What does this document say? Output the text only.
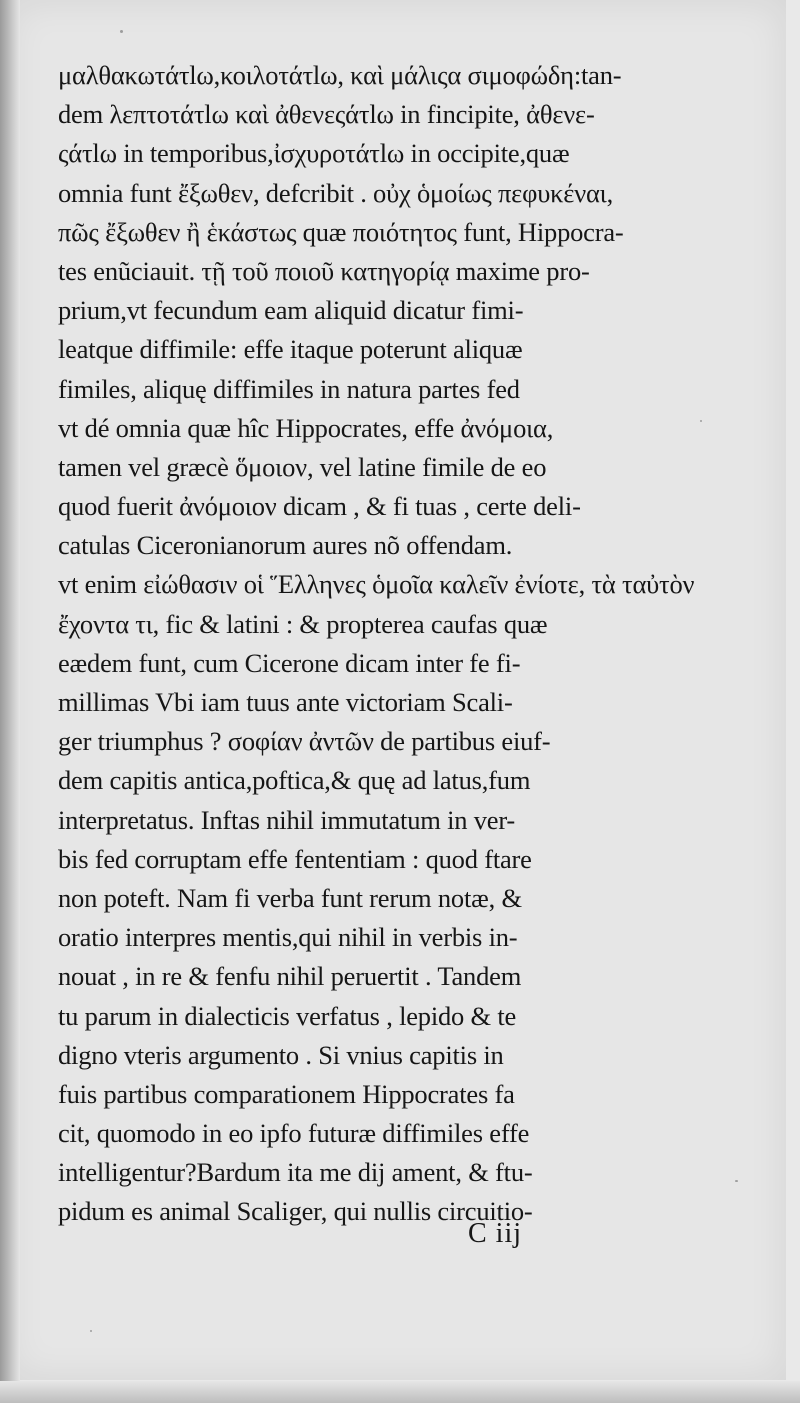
μαλθακωτάτlω,κοιλοτάτlω, καὶ μάλιςα σιμοφώδη:tan-
dem λεπτοτάτlω καὶ ἀθενεςάτlω in fincipite, ἀθενε-
ςάτlω in temporibus,ἰσχυροτάτlω in occipite,quæ
omnia funt ἔξωθεν, defcribit . οὐχ ὁμοίως πεφυκέναι,
πῶς ἔξωθεν ἢ ἑκάστως quæ ποιότητος funt, Hippocra-
tes enũciauit. τῇ τοῦ ποιοῦ κατηγορίᾳ maxime pro-
prium,vt fecundum eam aliquid dicatur fimi-
leatque diffimile: effe itaque poterunt aliquæ
fimiles, aliquę diffimiles in natura partes fed
vt dé omnia quæ hîc Hippocrates, effe ἀνόμοια,
tamen vel græcè ὅμοιον, vel latine fimile de eo
quod fuerit ἀνόμοιον dicam , & fi tuas , certe deli-
catulas Ciceronianorum aures nõ offendam.
vt enim εἰώθασιν οἱ Ἕλληνες ὁμοῖα καλεῖν ἐνίοτε, τὰ ταὐτὸν
ἔχοντα τι, fic & latini : & propterea caufas quæ
eædem funt, cum Cicerone dicam inter fe fi-
millimas Vbi iam tuus ante victoriam Scali-
ger triumphus ? σοφίαν ἀντῶν de partibus eiuf-
dem capitis antica,poftica,& quę ad latus,fum
interpretatus. Inftas nihil immutatum in ver-
bis fed corruptam effe fententiam : quod ftare
non poteft. Nam fi verba funt rerum notæ, &
oratio interpres mentis,qui nihil in verbis in-
nouat , in re & fenfu nihil peruertit . Tandem
tu parum in dialecticis verfatus , lepido & te
digno vteris argumento . Si vnius capitis in
fuis partibus comparationem Hippocrates fa
cit, quomodo in eo ipfo futuræ diffimiles effe
intelligentur?Bardum ita me dij ament, & ftu-
pidum es animal Scaliger, qui nullis circuitio-
C iij
